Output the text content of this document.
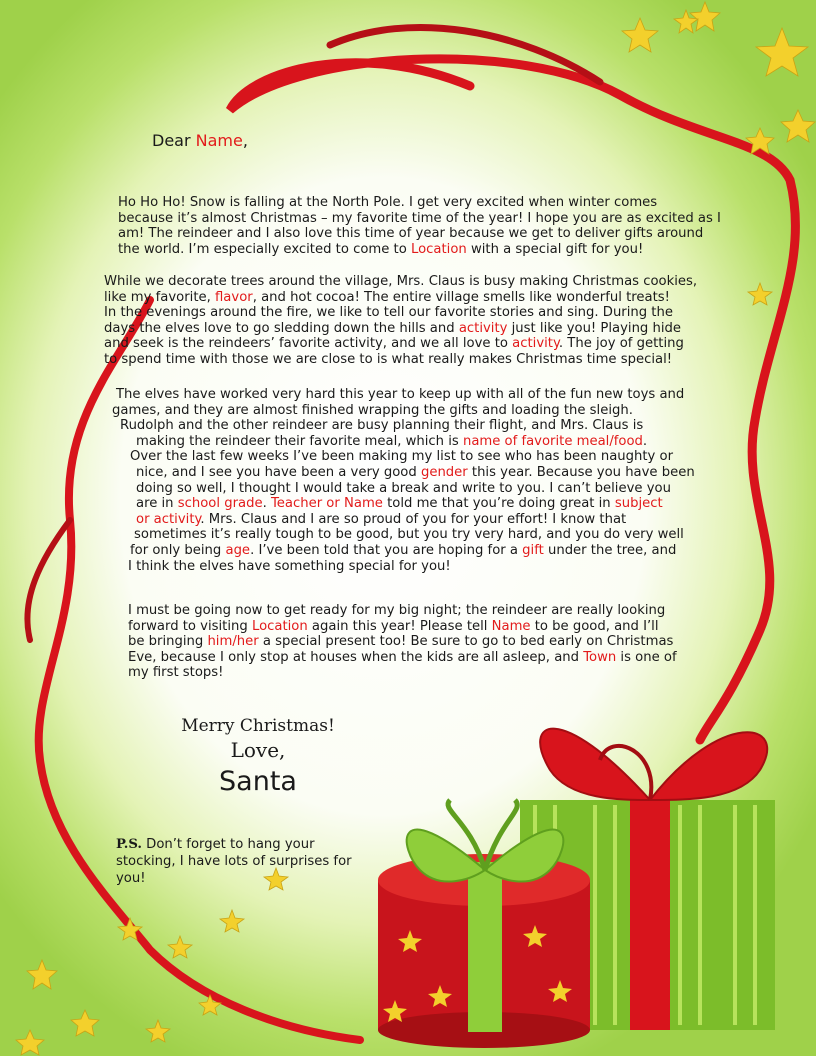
Dear Name,

Ho Ho Ho! Snow is falling at the North Pole. I get very excited when winter comes

because it’s almost Christmas – my favorite time of the year! I hope you are as excited as I

am! The reindeer and I also love this time of year because we get to deliver gifts around

the world. I’m especially excited to come to Location with a special gift for you!

While we decorate trees around the village, Mrs. Claus is busy making Christmas cookies,

like my favorite, flavor, and hot cocoa! The entire village smells like wonderful treats!

In the evenings around the fire, we like to tell our favorite stories and sing. During the

days the elves love to go sledding down the hills and activity just like you! Playing hide

and seek is the reindeers’ favorite activity, and we all love to activity. The joy of getting

to spend time with those we are close to is what really makes Christmas time special!

The elves have worked very hard this year to keep up with all of the fun new toys and

games, and they are almost finished wrapping the gifts and loading the sleigh.

Rudolph and the other reindeer are busy planning their flight, and Mrs. Claus is

making the reindeer their favorite meal, which is name of favorite meal/food.

Over the last few weeks I’ve been making my list to see who has been naughty or

nice, and I see you have been a very good gender this year. Because you have been

doing so well, I thought I would take a break and write to you. I can’t believe you

are in school grade. Teacher or Name told me that you’re doing great in subject

or activity. Mrs. Claus and I are so proud of you for your effort! I know that

sometimes it’s really tough to be good, but you try very hard, and you do very well

for only being age. I’ve been told that you are hoping for a gift under the tree, and

I think the elves have something special for you!

I must be going now to get ready for my big night; the reindeer are really looking

forward to visiting Location again this year! Please tell Name to be good, and I’ll

be bringing him/her a special present too! Be sure to go to bed early on Christmas

Eve, because I only stop at houses when the kids are all asleep, and Town is one of

my first stops!

Merry Christmas!
Love,
Santa
P.S. Don’t forget to hang your stocking, I have lots of surprises for you!
